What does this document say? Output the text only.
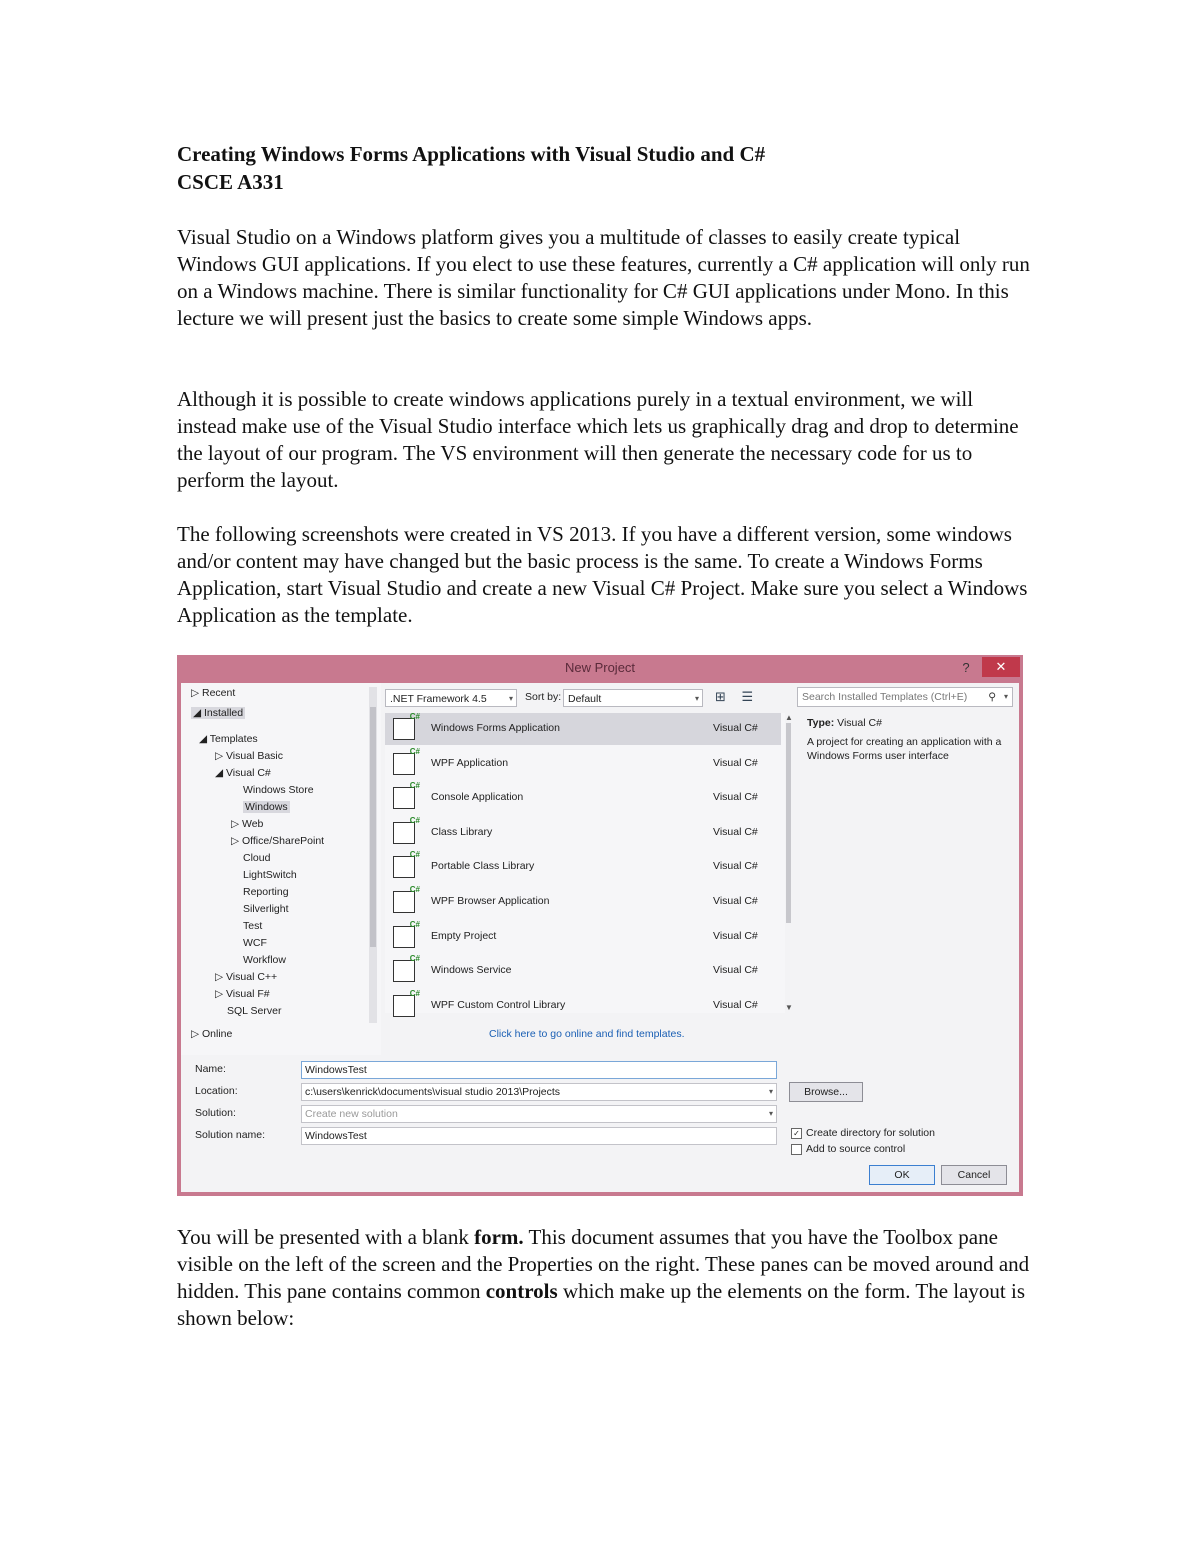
Creating Windows Forms Applications with Visual Studio and C#
CSCE A331

Visual Studio on a Windows platform gives you a multitude of classes to easily create typical Windows GUI applications. If you elect to use these features, currently a C# application will only run on a Windows machine. There is similar functionality for C# GUI applications under Mono. In this lecture we will present just the basics to create some simple Windows apps.

Although it is possible to create windows applications purely in a textual environment, we will instead make use of the Visual Studio interface which lets us graphically drag and drop to determine the layout of our program. The VS environment will then generate the necessary code for us to perform the layout.

The following screenshots were created in VS 2013. If you have a different version, some windows and/or content may have changed but the basic process is the same. To create a Windows Forms Application, start Visual Studio and create a new Visual C# Project. Make sure you select a Windows Application as the template.

New Project	?	✕
▷ Recent
◢ Installed
◢ Templates
▷ Visual Basic
◢ Visual C#
Windows Store
Windows
▷ Web
▷ Office/SharePoint
Cloud
LightSwitch
Reporting
Silverlight
Test
WCF
Workflow
▷ Visual C++
▷ Visual F#
SQL Server
▷ Online
.NET Framework 4.5	▾ Sort by: Default	▾ ⊞ ☰
C#
Windows Forms Application	Visual C#
C#
WPF Application	Visual C#
C#
Console Application	Visual C#
C#
Class Library	Visual C#
C#
Portable Class Library	Visual C#
C#
WPF Browser Application	Visual C#
C#
Empty Project	Visual C#
C#
Windows Service	Visual C#
C#
WPF Custom Control Library	Visual C#
▲
▼
Click here to go online and find templates.
Search Installed Templates (Ctrl+E) ⚲ ▾
Type: Visual C#
A project for creating an application with a Windows Forms user interface
Name:	WindowsTest
Location:	c:\users\kenrick\documents\visual studio 2013\Projects	▾	Browse...
Solution:	Create new solution	▾
Solution name:	WindowsTest	✓ Create directory for solution
Add to source control
OK	Cancel

You will be presented with a blank form. This document assumes that you have the Toolbox pane visible on the left of the screen and the Properties on the right. These panes can be moved around and hidden. This pane contains common controls which make up the elements on the form. The layout is shown below:
